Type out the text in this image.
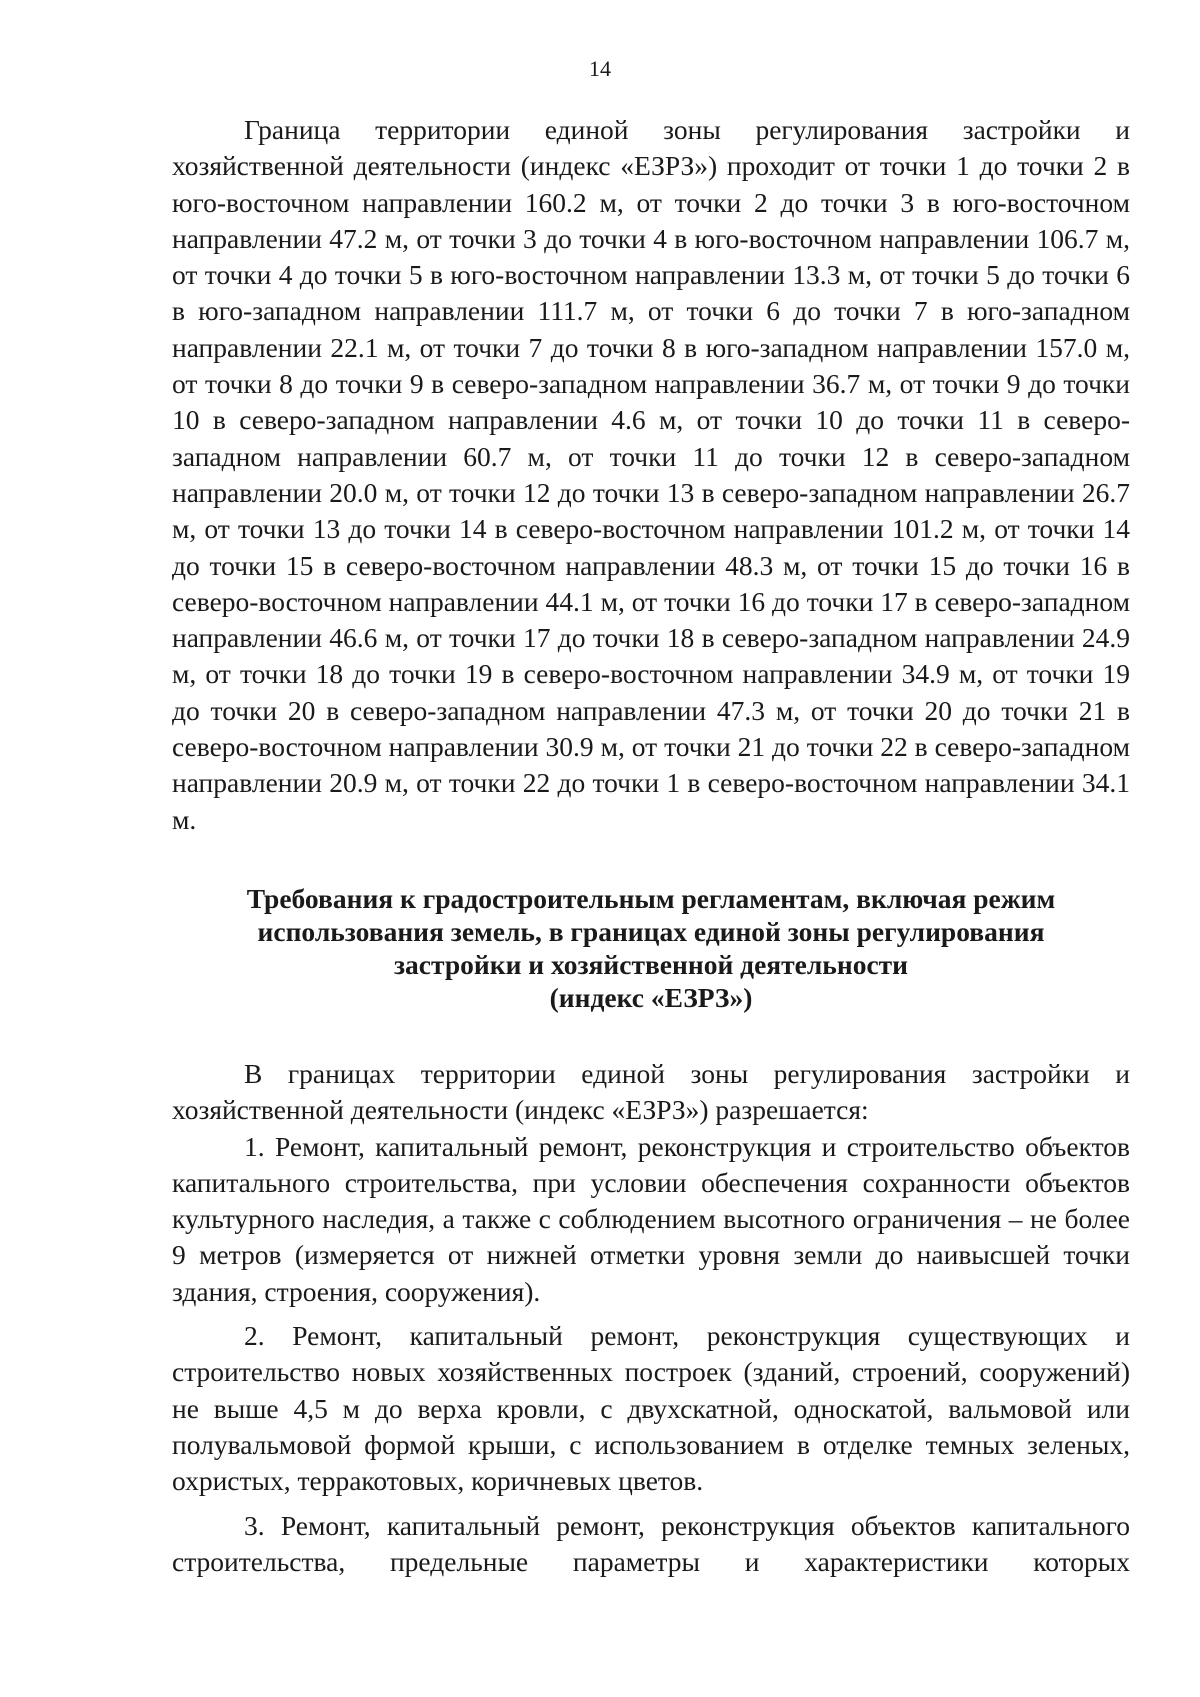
14

Граница территории единой зоны регулирования застройки и хозяйственной деятельности (индекс «ЕЗРЗ») проходит от точки 1 до точки 2 в юго-восточном направлении 160.2 м, от точки 2 до точки 3 в юго-восточном направлении 47.2 м, от точки 3 до точки 4 в юго-восточном направлении 106.7 м, от точки 4 до точки 5 в юго-восточном направлении 13.3 м, от точки 5 до точки 6 в юго-западном направлении 111.7 м, от точки 6 до точки 7 в юго-западном направлении 22.1 м, от точки 7 до точки 8 в юго-западном направлении 157.0 м, от точки 8 до точки 9 в северо-западном направлении 36.7 м, от точки 9 до точки 10 в северо-западном направлении 4.6 м, от точки 10 до точки 11 в северо-западном направлении 60.7 м, от точки 11 до точки 12 в северо-западном направлении 20.0 м, от точки 12 до точки 13 в северо-западном направлении 26.7 м, от точки 13 до точки 14 в северо-восточном направлении 101.2 м, от точки 14 до точки 15 в северо-восточном направлении 48.3 м, от точки 15 до точки 16 в северо-восточном направлении 44.1 м, от точки 16 до точки 17 в северо-западном направлении 46.6 м, от точки 17 до точки 18 в северо-западном направлении 24.9 м, от точки 18 до точки 19 в северо-восточном направлении 34.9 м, от точки 19 до точки 20 в северо-западном направлении 47.3 м, от точки 20 до точки 21 в северо-восточном направлении 30.9 м, от точки 21 до точки 22 в северо-западном направлении 20.9 м, от точки 22 до точки 1 в северо-восточном направлении 34.1 м.

Требования к градостроительным регламентам, включая режим
использования земель, в границах единой зоны регулирования
застройки и хозяйственной деятельности
(индекс «ЕЗРЗ»)

В границах территории единой зоны регулирования застройки и хозяйственной деятельности (индекс «ЕЗРЗ») разрешается:

1. Ремонт, капитальный ремонт, реконструкция и строительство объектов капитального строительства, при условии обеспечения сохранности объектов культурного наследия, а также с соблюдением высотного ограничения – не более 9 метров (измеряется от нижней отметки уровня земли до наивысшей точки здания, строения, сооружения).

2. Ремонт, капитальный ремонт, реконструкция существующих и строительство новых хозяйственных построек (зданий, строений, сооружений) не выше 4,5 м до верха кровли, с двухскатной, односкатой, вальмовой или полувальмовой формой крыши, с использованием в отделке темных зеленых, охристых, терракотовых, коричневых цветов.

3. Ремонт, капитальный ремонт, реконструкция объектов капитального строительства, предельные параметры и характеристики которых
